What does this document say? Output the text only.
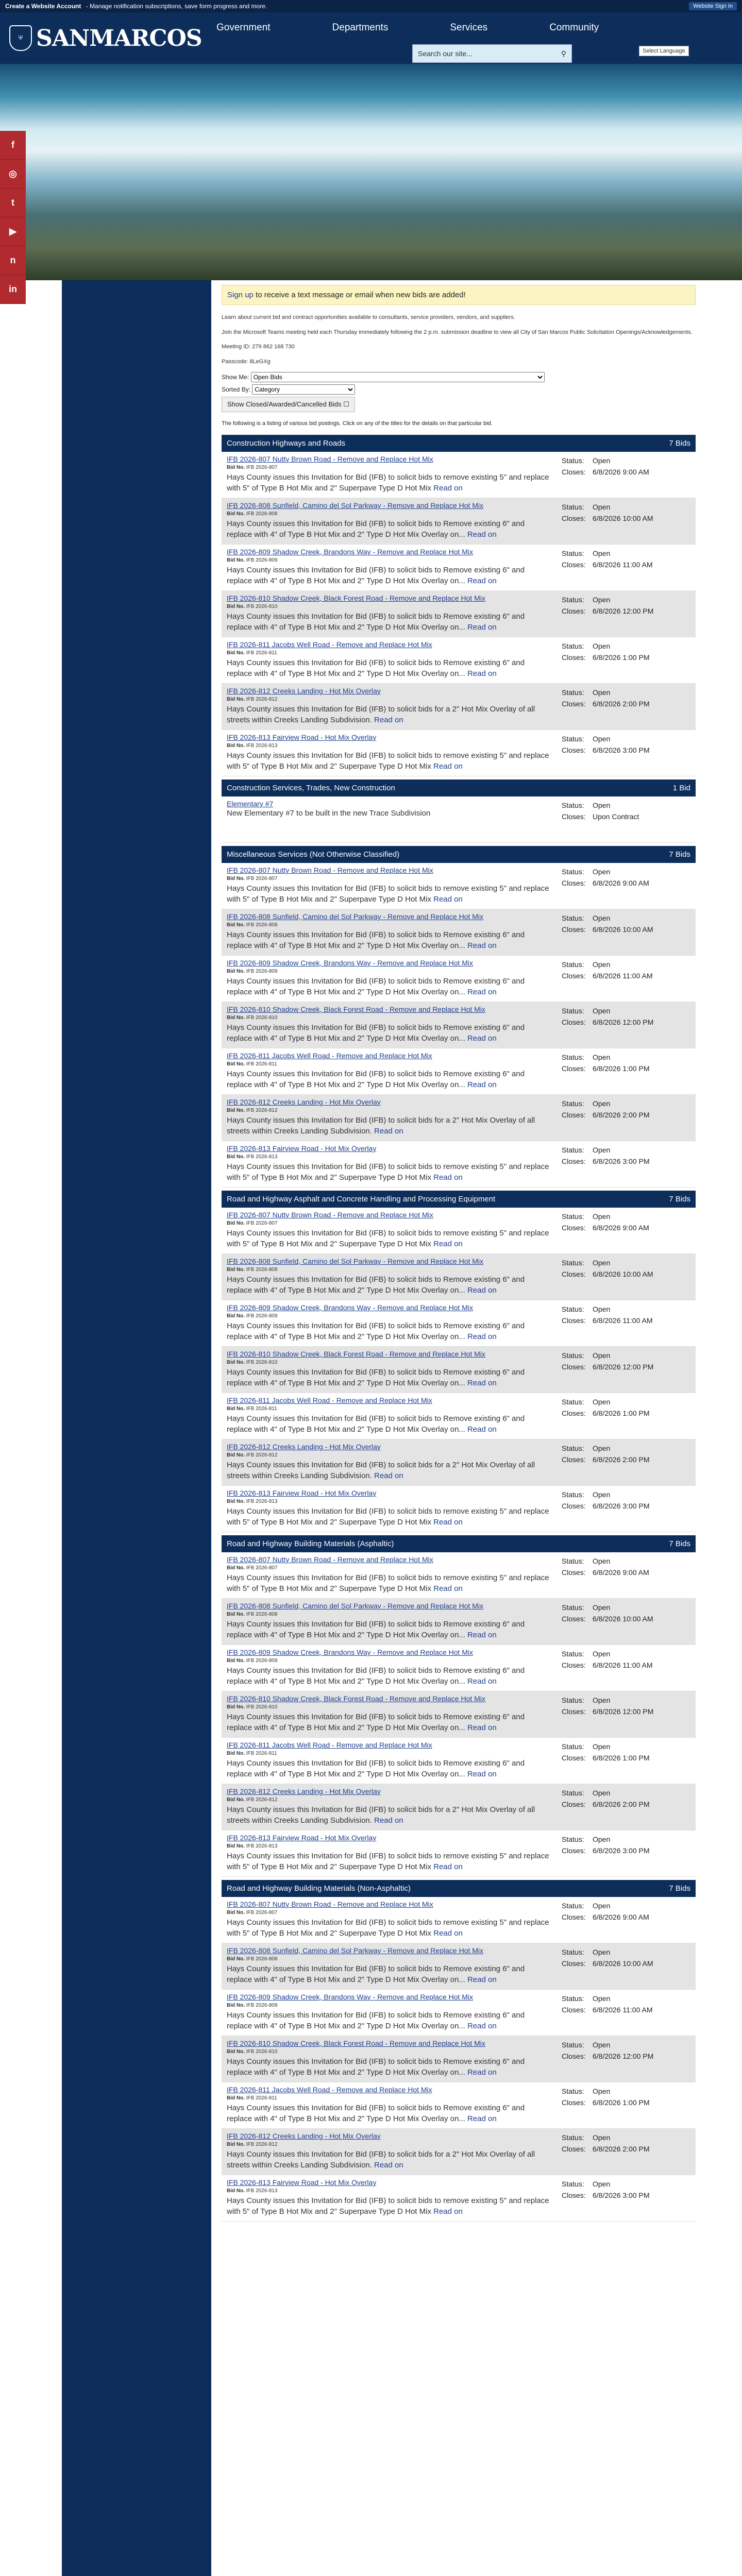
Create a Website Account - Manage notification subscriptions, save form progress and more.	Website Sign In
⛨ SANMARCOS Government	Departments	Services	Community
Search our site...	⚲	Select Language
f
◎
t
▶
n
in
Sign up to receive a text message or email when new bids are added!
Learn about current bid and contract opportunities available to consultants, service providers, vendors, and suppliers.
Join the Microsoft Teams meeting held each Thursday immediately following the 2 p.m. submission deadline to view all City of San Marcos Public Solicitation Openings/Acknowledgements.
Meeting ID: 279 862 168 730
Passcode: 8LeGXg
Show Me:
Open Bids
Sorted By:
Category
Show Closed/Awarded/Cancelled Bids ☐
The following is a listing of various bid postings. Click on any of the titles for the details on that particular bid.
Construction Highways and Roads	7 Bids
IFB 2026-807 Nutty Brown Road - Remove and Replace Hot Mix
Bid No. IFB 2026-807
Hays County issues this Invitation for Bid (IFB) to solicit bids to remove existing 5" and replace with 5" of Type B Hot Mix and 2" Superpave Type D Hot Mix Read on
Status: Open
Closes: 6/8/2026 9:00 AM
IFB 2026-808 Sunfield, Camino del Sol Parkway - Remove and Replace Hot Mix
Bid No. IFB 2026-808
Hays County issues this Invitation for Bid (IFB) to solicit bids to Remove existing 6" and replace with 4" of Type B Hot Mix and 2" Type D Hot Mix Overlay on... Read on
Status: Open
Closes: 6/8/2026 10:00 AM
IFB 2026-809 Shadow Creek, Brandons Way - Remove and Replace Hot Mix
Bid No. IFB 2026-809
Hays County issues this Invitation for Bid (IFB) to solicit bids to Remove existing 6" and replace with 4" of Type B Hot Mix and 2" Type D Hot Mix Overlay on... Read on
Status: Open
Closes: 6/8/2026 11:00 AM
IFB 2026-810 Shadow Creek, Black Forest Road - Remove and Replace Hot Mix
Bid No. IFB 2026-810
Hays County issues this Invitation for Bid (IFB) to solicit bids to Remove existing 6" and replace with 4" of Type B Hot Mix and 2" Type D Hot Mix Overlay on... Read on
Status: Open
Closes: 6/8/2026 12:00 PM
IFB 2026-811 Jacobs Well Road - Remove and Replace Hot Mix
Bid No. IFB 2026-811
Hays County issues this Invitation for Bid (IFB) to solicit bids to Remove existing 6" and replace with 4" of Type B Hot Mix and 2" Type D Hot Mix Overlay on... Read on
Status: Open
Closes: 6/8/2026 1:00 PM
IFB 2026-812 Creeks Landing - Hot Mix Overlay
Bid No. IFB 2026-812
Hays County issues this Invitation for Bid (IFB) to solicit bids for a 2" Hot Mix Overlay of all streets within Creeks Landing Subdivision. Read on
Status: Open
Closes: 6/8/2026 2:00 PM
IFB 2026-813 Fairview Road - Hot Mix Overlay
Bid No. IFB 2026-813
Hays County issues this Invitation for Bid (IFB) to solicit bids to remove existing 5" and replace with 5" of Type B Hot Mix and 2" Superpave Type D Hot Mix Read on
Status: Open
Closes: 6/8/2026 3:00 PM
Construction Services, Trades, New Construction	1 Bid
Elementary #7
New Elementary #7 to be built in the new Trace Subdivision
Status: Open
Closes: Upon Contract
Miscellaneous Services (Not Otherwise Classified)	7 Bids
IFB 2026-807 Nutty Brown Road - Remove and Replace Hot Mix
Bid No. IFB 2026-807
Hays County issues this Invitation for Bid (IFB) to solicit bids to remove existing 5" and replace with 5" of Type B Hot Mix and 2" Superpave Type D Hot Mix Read on
Status: Open
Closes: 6/8/2026 9:00 AM
IFB 2026-808 Sunfield, Camino del Sol Parkway - Remove and Replace Hot Mix
Bid No. IFB 2026-808
Hays County issues this Invitation for Bid (IFB) to solicit bids to Remove existing 6" and replace with 4" of Type B Hot Mix and 2" Type D Hot Mix Overlay on... Read on
Status: Open
Closes: 6/8/2026 10:00 AM
IFB 2026-809 Shadow Creek, Brandons Way - Remove and Replace Hot Mix
Bid No. IFB 2026-809
Hays County issues this Invitation for Bid (IFB) to solicit bids to Remove existing 6" and replace with 4" of Type B Hot Mix and 2" Type D Hot Mix Overlay on... Read on
Status: Open
Closes: 6/8/2026 11:00 AM
IFB 2026-810 Shadow Creek, Black Forest Road - Remove and Replace Hot Mix
Bid No. IFB 2026-810
Hays County issues this Invitation for Bid (IFB) to solicit bids to Remove existing 6" and replace with 4" of Type B Hot Mix and 2" Type D Hot Mix Overlay on... Read on
Status: Open
Closes: 6/8/2026 12:00 PM
IFB 2026-811 Jacobs Well Road - Remove and Replace Hot Mix
Bid No. IFB 2026-811
Hays County issues this Invitation for Bid (IFB) to solicit bids to Remove existing 6" and replace with 4" of Type B Hot Mix and 2" Type D Hot Mix Overlay on... Read on
Status: Open
Closes: 6/8/2026 1:00 PM
IFB 2026-812 Creeks Landing - Hot Mix Overlay
Bid No. IFB 2026-812
Hays County issues this Invitation for Bid (IFB) to solicit bids for a 2" Hot Mix Overlay of all streets within Creeks Landing Subdivision. Read on
Status: Open
Closes: 6/8/2026 2:00 PM
IFB 2026-813 Fairview Road - Hot Mix Overlay
Bid No. IFB 2026-813
Hays County issues this Invitation for Bid (IFB) to solicit bids to remove existing 5" and replace with 5" of Type B Hot Mix and 2" Superpave Type D Hot Mix Read on
Status: Open
Closes: 6/8/2026 3:00 PM
Road and Highway Asphalt and Concrete Handling and Processing Equipment	7 Bids
IFB 2026-807 Nutty Brown Road - Remove and Replace Hot Mix
Bid No. IFB 2026-807
Hays County issues this Invitation for Bid (IFB) to solicit bids to remove existing 5" and replace with 5" of Type B Hot Mix and 2" Superpave Type D Hot Mix Read on
Status: Open
Closes: 6/8/2026 9:00 AM
IFB 2026-808 Sunfield, Camino del Sol Parkway - Remove and Replace Hot Mix
Bid No. IFB 2026-808
Hays County issues this Invitation for Bid (IFB) to solicit bids to Remove existing 6" and replace with 4" of Type B Hot Mix and 2" Type D Hot Mix Overlay on... Read on
Status: Open
Closes: 6/8/2026 10:00 AM
IFB 2026-809 Shadow Creek, Brandons Way - Remove and Replace Hot Mix
Bid No. IFB 2026-809
Hays County issues this Invitation for Bid (IFB) to solicit bids to Remove existing 6" and replace with 4" of Type B Hot Mix and 2" Type D Hot Mix Overlay on... Read on
Status: Open
Closes: 6/8/2026 11:00 AM
IFB 2026-810 Shadow Creek, Black Forest Road - Remove and Replace Hot Mix
Bid No. IFB 2026-810
Hays County issues this Invitation for Bid (IFB) to solicit bids to Remove existing 6" and replace with 4" of Type B Hot Mix and 2" Type D Hot Mix Overlay on... Read on
Status: Open
Closes: 6/8/2026 12:00 PM
IFB 2026-811 Jacobs Well Road - Remove and Replace Hot Mix
Bid No. IFB 2026-811
Hays County issues this Invitation for Bid (IFB) to solicit bids to Remove existing 6" and replace with 4" of Type B Hot Mix and 2" Type D Hot Mix Overlay on... Read on
Status: Open
Closes: 6/8/2026 1:00 PM
IFB 2026-812 Creeks Landing - Hot Mix Overlay
Bid No. IFB 2026-812
Hays County issues this Invitation for Bid (IFB) to solicit bids for a 2" Hot Mix Overlay of all streets within Creeks Landing Subdivision. Read on
Status: Open
Closes: 6/8/2026 2:00 PM
IFB 2026-813 Fairview Road - Hot Mix Overlay
Bid No. IFB 2026-813
Hays County issues this Invitation for Bid (IFB) to solicit bids to remove existing 5" and replace with 5" of Type B Hot Mix and 2" Superpave Type D Hot Mix Read on
Status: Open
Closes: 6/8/2026 3:00 PM
Road and Highway Building Materials (Asphaltic)	7 Bids
IFB 2026-807 Nutty Brown Road - Remove and Replace Hot Mix
Bid No. IFB 2026-807
Hays County issues this Invitation for Bid (IFB) to solicit bids to remove existing 5" and replace with 5" of Type B Hot Mix and 2" Superpave Type D Hot Mix Read on
Status: Open
Closes: 6/8/2026 9:00 AM
IFB 2026-808 Sunfield, Camino del Sol Parkway - Remove and Replace Hot Mix
Bid No. IFB 2026-808
Hays County issues this Invitation for Bid (IFB) to solicit bids to Remove existing 6" and replace with 4" of Type B Hot Mix and 2" Type D Hot Mix Overlay on... Read on
Status: Open
Closes: 6/8/2026 10:00 AM
IFB 2026-809 Shadow Creek, Brandons Way - Remove and Replace Hot Mix
Bid No. IFB 2026-809
Hays County issues this Invitation for Bid (IFB) to solicit bids to Remove existing 6" and replace with 4" of Type B Hot Mix and 2" Type D Hot Mix Overlay on... Read on
Status: Open
Closes: 6/8/2026 11:00 AM
IFB 2026-810 Shadow Creek, Black Forest Road - Remove and Replace Hot Mix
Bid No. IFB 2026-810
Hays County issues this Invitation for Bid (IFB) to solicit bids to Remove existing 6" and replace with 4" of Type B Hot Mix and 2" Type D Hot Mix Overlay on... Read on
Status: Open
Closes: 6/8/2026 12:00 PM
IFB 2026-811 Jacobs Well Road - Remove and Replace Hot Mix
Bid No. IFB 2026-811
Hays County issues this Invitation for Bid (IFB) to solicit bids to Remove existing 6" and replace with 4" of Type B Hot Mix and 2" Type D Hot Mix Overlay on... Read on
Status: Open
Closes: 6/8/2026 1:00 PM
IFB 2026-812 Creeks Landing - Hot Mix Overlay
Bid No. IFB 2026-812
Hays County issues this Invitation for Bid (IFB) to solicit bids for a 2" Hot Mix Overlay of all streets within Creeks Landing Subdivision. Read on
Status: Open
Closes: 6/8/2026 2:00 PM
IFB 2026-813 Fairview Road - Hot Mix Overlay
Bid No. IFB 2026-813
Hays County issues this Invitation for Bid (IFB) to solicit bids to remove existing 5" and replace with 5" of Type B Hot Mix and 2" Superpave Type D Hot Mix Read on
Status: Open
Closes: 6/8/2026 3:00 PM
Road and Highway Building Materials (Non-Asphaltic)	7 Bids
IFB 2026-807 Nutty Brown Road - Remove and Replace Hot Mix
Bid No. IFB 2026-807
Hays County issues this Invitation for Bid (IFB) to solicit bids to remove existing 5" and replace with 5" of Type B Hot Mix and 2" Superpave Type D Hot Mix Read on
Status: Open
Closes: 6/8/2026 9:00 AM
IFB 2026-808 Sunfield, Camino del Sol Parkway - Remove and Replace Hot Mix
Bid No. IFB 2026-808
Hays County issues this Invitation for Bid (IFB) to solicit bids to Remove existing 6" and replace with 4" of Type B Hot Mix and 2" Type D Hot Mix Overlay on... Read on
Status: Open
Closes: 6/8/2026 10:00 AM
IFB 2026-809 Shadow Creek, Brandons Way - Remove and Replace Hot Mix
Bid No. IFB 2026-809
Hays County issues this Invitation for Bid (IFB) to solicit bids to Remove existing 6" and replace with 4" of Type B Hot Mix and 2" Type D Hot Mix Overlay on... Read on
Status: Open
Closes: 6/8/2026 11:00 AM
IFB 2026-810 Shadow Creek, Black Forest Road - Remove and Replace Hot Mix
Bid No. IFB 2026-810
Hays County issues this Invitation for Bid (IFB) to solicit bids to Remove existing 6" and replace with 4" of Type B Hot Mix and 2" Type D Hot Mix Overlay on... Read on
Status: Open
Closes: 6/8/2026 12:00 PM
IFB 2026-811 Jacobs Well Road - Remove and Replace Hot Mix
Bid No. IFB 2026-811
Hays County issues this Invitation for Bid (IFB) to solicit bids to Remove existing 6" and replace with 4" of Type B Hot Mix and 2" Type D Hot Mix Overlay on... Read on
Status: Open
Closes: 6/8/2026 1:00 PM
IFB 2026-812 Creeks Landing - Hot Mix Overlay
Bid No. IFB 2026-812
Hays County issues this Invitation for Bid (IFB) to solicit bids for a 2" Hot Mix Overlay of all streets within Creeks Landing Subdivision. Read on
Status: Open
Closes: 6/8/2026 2:00 PM
IFB 2026-813 Fairview Road - Hot Mix Overlay
Bid No. IFB 2026-813
Hays County issues this Invitation for Bid (IFB) to solicit bids to remove existing 5" and replace with 5" of Type B Hot Mix and 2" Superpave Type D Hot Mix Read on
Status: Open
Closes: 6/8/2026 3:00 PM
